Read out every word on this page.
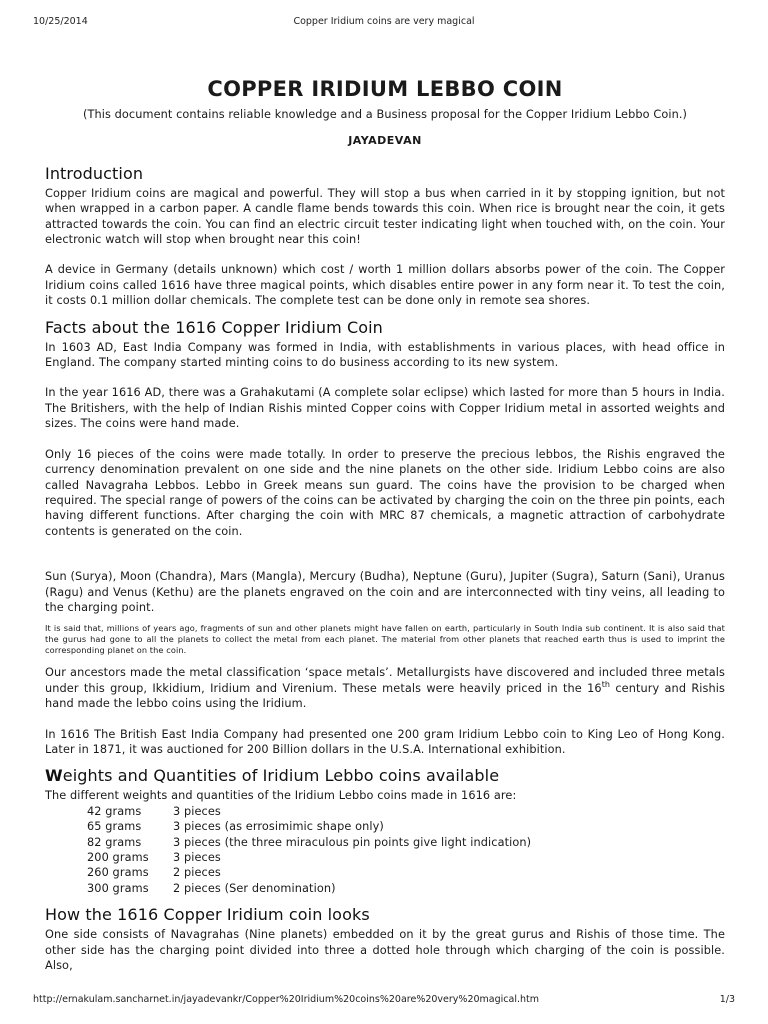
10/25/2014	Copper Iridium coins are very magical
COPPER IRIDIUM LEBBO COIN
(This document contains reliable knowledge and a Business proposal for the Copper Iridium Lebbo Coin.)
JAYADEVAN
Introduction

Copper Iridium coins are magical and powerful. They will stop a bus when carried in it by stopping ignition, but not when wrapped in a carbon paper. A candle flame bends towards this coin. When rice is brought near the coin, it gets attracted towards the coin. You can find an electric circuit tester indicating light when touched with, on the coin. Your electronic watch will stop when brought near this coin!

A device in Germany (details unknown) which cost / worth 1 million dollars absorbs power of the coin. The Copper Iridium coins called 1616 have three magical points, which disables entire power in any form near it. To test the coin, it costs 0.1 million dollar chemicals. The complete test can be done only in remote sea shores.

Facts about the 1616 Copper Iridium Coin

In 1603 AD, East India Company was formed in India, with establishments in various places, with head office in England. The company started minting coins to do business according to its new system.

In the year 1616 AD, there was a Grahakutami (A complete solar eclipse) which lasted for more than 5 hours in India. The Britishers, with the help of Indian Rishis minted Copper coins with Copper Iridium metal in assorted weights and sizes. The coins were hand made.

Only 16 pieces of the coins were made totally. In order to preserve the precious lebbos, the Rishis engraved the currency denomination prevalent on one side and the nine planets on the other side. Iridium Lebbo coins are also called Navagraha Lebbos. Lebbo in Greek means sun guard. The coins have the provision to be charged when required. The special range of powers of the coins can be activated by charging the coin on the three pin points, each having different functions. After charging the coin with MRC 87 chemicals, a magnetic attraction of carbohydrate contents is generated on the coin.

Sun (Surya), Moon (Chandra), Mars (Mangla), Mercury (Budha), Neptune (Guru), Jupiter (Sugra), Saturn (Sani), Uranus (Ragu) and Venus (Kethu) are the planets engraved on the coin and are interconnected with tiny veins, all leading to the charging point.

It is said that, millions of years ago, fragments of sun and other planets might have fallen on earth, particularly in South India sub continent. It is also said that the gurus had gone to all the planets to collect the metal from each planet. The material from other planets that reached earth thus is used to imprint the corresponding planet on the coin.

Our ancestors made the metal classification ‘space metals’. Metallurgists have discovered and included three metals under this group, Ikkidium, Iridium and Virenium. These metals were heavily priced in the 16th century and Rishis hand made the lebbo coins using the Iridium.

In 1616 The British East India Company had presented one 200 gram Iridium Lebbo coin to King Leo of Hong Kong. Later in 1871, it was auctioned for 200 Billion dollars in the U.S.A. International exhibition.

Weights and Quantities of Iridium Lebbo coins available

The different weights and quantities of the Iridium Lebbo coins made in 1616 are:

42 grams	3 pieces
65 grams	3 pieces (as errosimimic shape only)
82 grams	3 pieces (the three miraculous pin points give light indication)
200 grams	3 pieces
260 grams	2 pieces
300 grams	2 pieces (Ser denomination)
How the 1616 Copper Iridium coin looks

One side consists of Navagrahas (Nine planets) embedded on it by the great gurus and Rishis of those time. The other side has the charging point divided into three a dotted hole through which charging of the coin is possible. Also,

http://ernakulam.sancharnet.in/jayadevankr/Copper%20Iridium%20coins%20are%20very%20magical.htm	1/3
